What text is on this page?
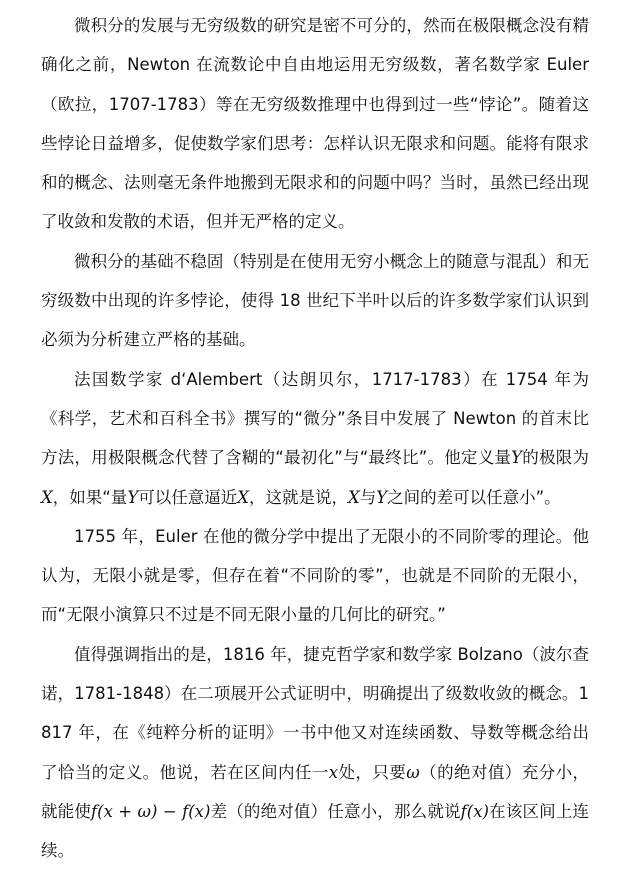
微积分的发展与无穷级数的研究是密不可分的，然而在极限概念没有精确化之前，Newton 在流数论中自由地运用无穷级数，著名数学家 Euler（欧拉，1707-1783）等在无穷级数推理中也得到过一些“悖论”。随着这些悖论日益增多，促使数学家们思考：怎样认识无限求和问题。能将有限求和的概念、法则毫无条件地搬到无限求和的问题中吗？当时，虽然已经出现了收敛和发散的术语，但并无严格的定义。

微积分的基础不稳固（特别是在使用无穷小概念上的随意与混乱）和无穷级数中出现的许多悖论，使得 18 世纪下半叶以后的许多数学家们认识到必须为分析建立严格的基础。

法国数学家 d‘Alembert（达朗贝尔，1717-1783）在 1754 年为《科学，艺术和百科全书》撰写的“微分”条目中发展了 Newton 的首末比方法，用极限概念代替了含糊的“最初化”与“最终比”。他定义量Y的极限为X，如果“量Y可以任意逼近X，这就是说，X与Y之间的差可以任意小”。

1755 年，Euler 在他的微分学中提出了无限小的不同阶零的理论。他认为，无限小就是零，但存在着“不同阶的零”，也就是不同阶的无限小，而“无限小演算只不过是不同无限小量的几何比的研究。”

值得强调指出的是，1816 年，捷克哲学家和数学家 Bolzano（波尔查诺，1781-1848）在二项展开公式证明中，明确提出了级数收敛的概念。1817 年，在《纯粹分析的证明》一书中他又对连续函数、导数等概念给出了恰当的定义。他说，若在区间内任一x处，只要ω（的绝对值）充分小，就能使f(x + ω) − f(x)差（的绝对值）任意小，那么就说f(x)在该区间上连续。
